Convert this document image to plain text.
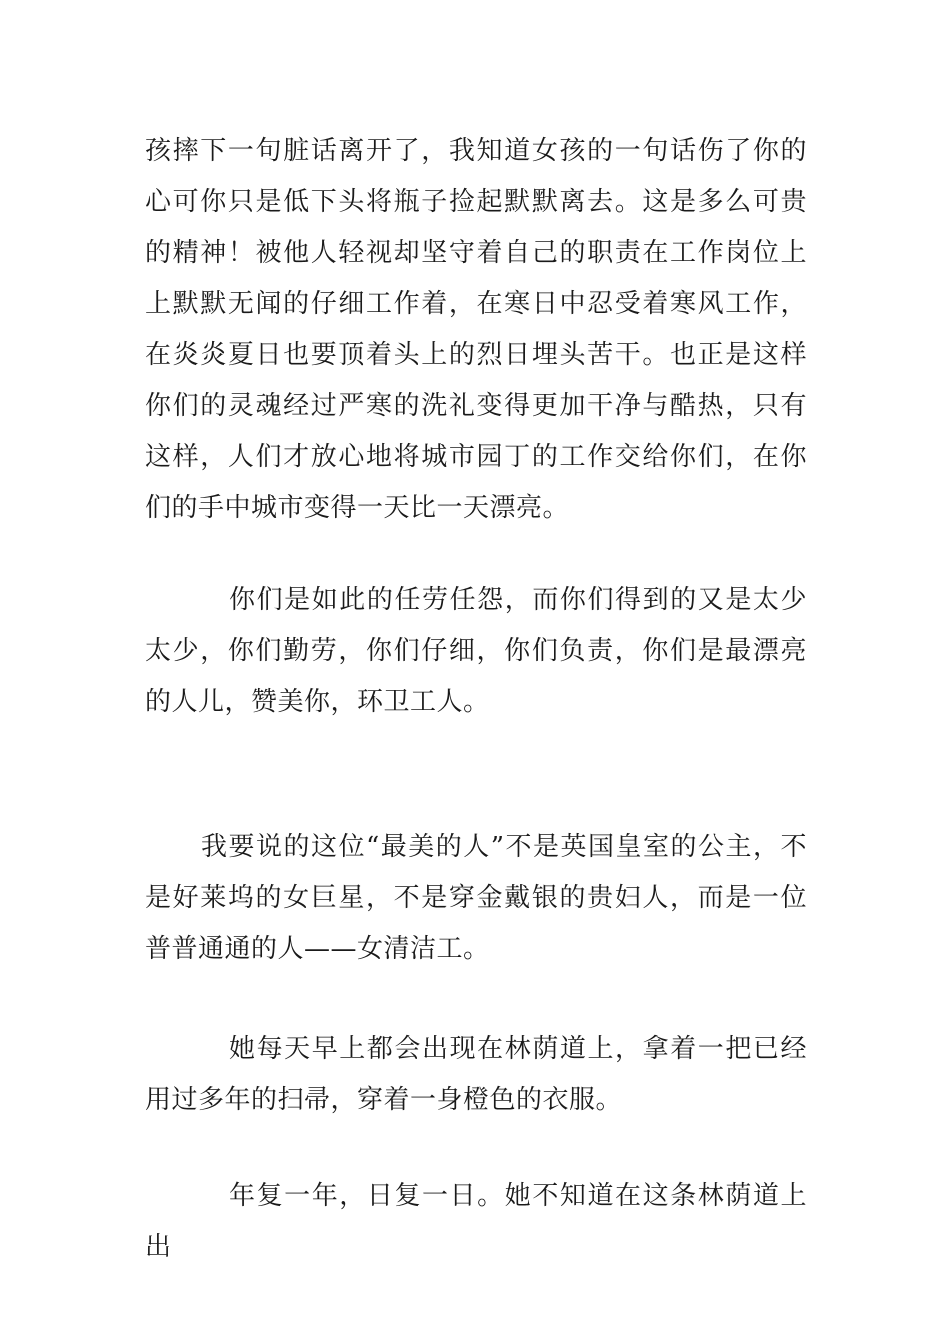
孩摔下一句脏话离开了，我知道女孩的一句话伤了你的心可你只是低下头将瓶子捡起默默离去。这是多么可贵的精神！被他人轻视却坚守着自己的职责在工作岗位上上默默无闻的仔细工作着，在寒日中忍受着寒风工作，在炎炎夏日也要顶着头上的烈日埋头苦干。也正是这样你们的灵魂经过严寒的洗礼变得更加干净与酷热，只有这样，人们才放心地将城市园丁的工作交给你们，在你们的手中城市变得一天比一天漂亮。

你们是如此的任劳任怨，而你们得到的又是太少太少，你们勤劳，你们仔细，你们负责，你们是最漂亮的人儿，赞美你，环卫工人。

我要说的这位“最美的人”不是英国皇室的公主，不是好莱坞的女巨星，不是穿金戴银的贵妇人，而是一位普普通通的人——女清洁工。

她每天早上都会出现在林荫道上，拿着一把已经用过多年的扫帚，穿着一身橙色的衣服。

年复一年，日复一日。她不知道在这条林荫道上出
